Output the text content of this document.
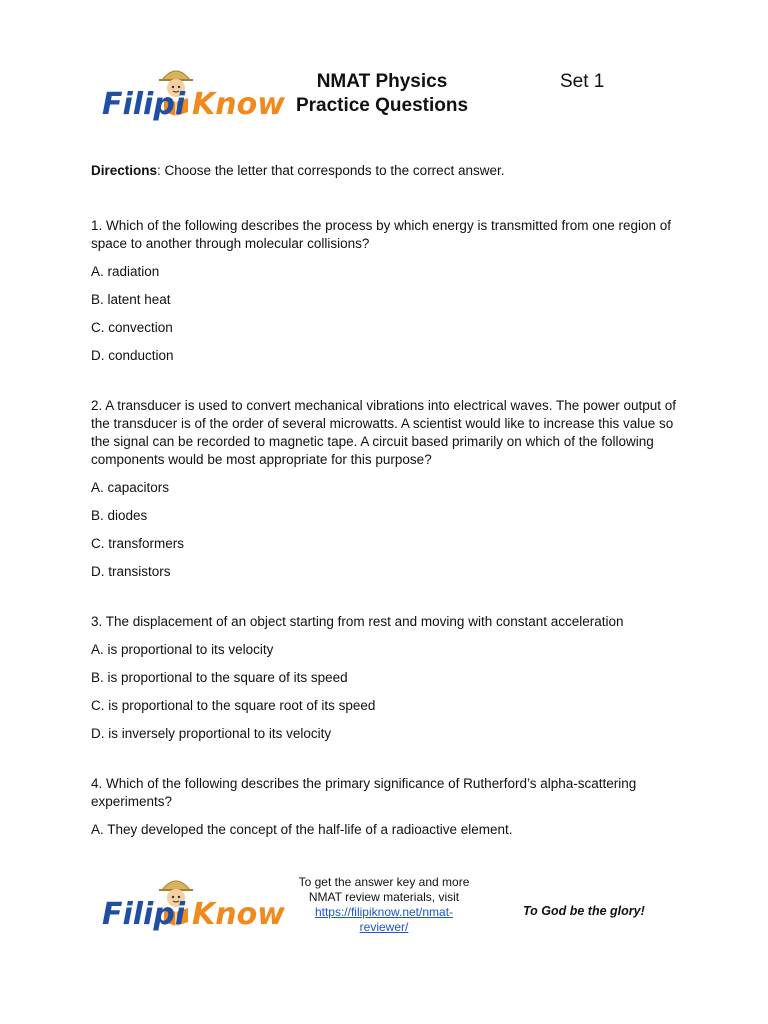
Filipi Know
NMAT Physics
Practice Questions
Set 1

Directions: Choose the letter that corresponds to the correct answer.

1. Which of the following describes the process by which energy is transmitted from one region of space to another through molecular collisions?

A. radiation

B. latent heat

C. convection

D. conduction

2. A transducer is used to convert mechanical vibrations into electrical waves. The power output of the transducer is of the order of several microwatts. A scientist would like to increase this value so the signal can be recorded to magnetic tape. A circuit based primarily on which of the following components would be most appropriate for this purpose?

A. capacitors

B. diodes

C. transformers

D. transistors

3. The displacement of an object starting from rest and moving with constant acceleration

A. is proportional to its velocity

B. is proportional to the square of its speed

C. is proportional to the square root of its speed

D. is inversely proportional to its velocity

4. Which of the following describes the primary significance of Rutherford’s alpha-scattering experiments?

A. They developed the concept of the half-life of a radioactive element.

Filipi Know
To get the answer key and more
NMAT review materials, visit
https://filipiknow.net/nmat-
reviewer/
To God be the glory!
